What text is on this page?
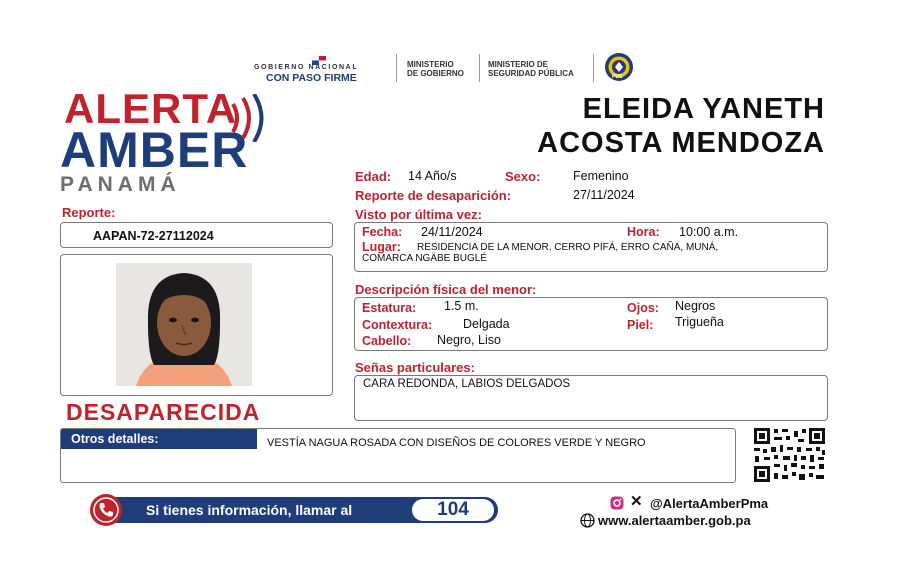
GOBIERNO NACIONAL
CON PASO FIRME
MINISTERIO
DE GOBIERNO
MINISTERIO DE
SEGURIDAD PÚBLICA	PUS
ALERTA
AMBER
PANAMÁ
ELEIDA YANETH
ACOSTA MENDOZA
Edad: 14 Año/s	Sexo:	Femenino
Reporte de desaparición:	27/11/2024
Reporte:
AAPAN-72-27112024
DESAPARECIDA
Visto por última vez:
Fecha: 24/11/2024	Hora: 10:00 a.m.
Lugar: RESIDENCIA DE LA MENOR, CERRO PIFÁ, ERRO CAÑA, MUNÁ,
COMARCA NGÄBE BUGLÉ
Descripción física del menor:
Estatura: 1.5 m.	Ojos: Negros
Contextura: Delgada	Piel: Trigueña
Cabello: Negro, Liso
Señas particulares:
CARA REDONDA, LABIOS DELGADOS
Otros detalles:	VESTÍA NAGUA ROSADA CON DISEÑOS DE COLORES VERDE Y NEGRO
Si tienes información, llamar al	104	✕ @AlertaAmberPma
www.alertaamber.gob.pa
